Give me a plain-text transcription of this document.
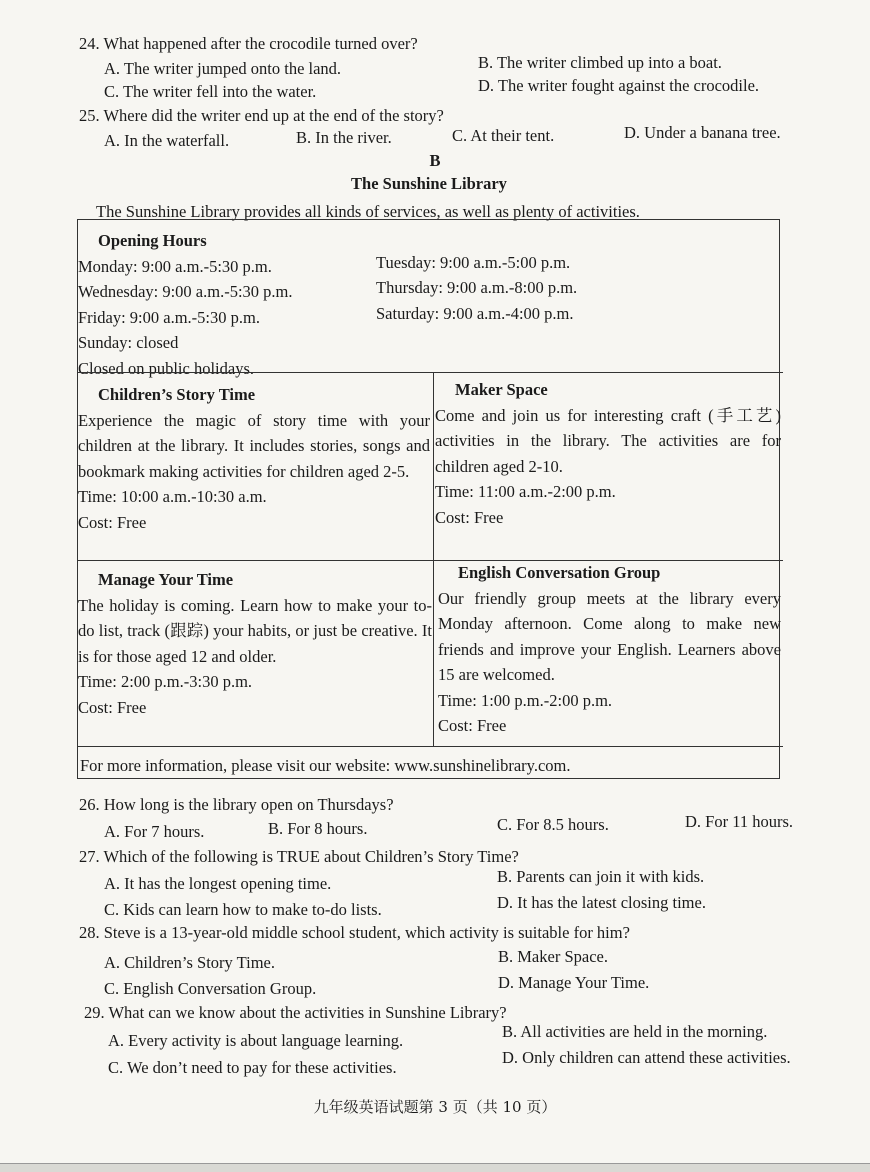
24. What happened after the crocodile turned over?
A. The writer jumped onto the land.	B. The writer climbed up into a boat.
C. The writer fell into the water.	D. The writer fought against the crocodile.
25. Where did the writer end up at the end of the story?
A. In the waterfall.	B. In the river.	C. At their tent.	D. Under a banana tree.
B
The Sunshine Library
The Sunshine Library provides all kinds of services, as well as plenty of activities.
Opening Hours
Monday: 9:00 a.m.-5:30 p.m.	Tuesday: 9:00 a.m.-5:00 p.m.
Wednesday: 9:00 a.m.-5:30 p.m.	Thursday: 9:00 a.m.-8:00 p.m.
Friday: 9:00 a.m.-5:30 p.m.	Saturday: 9:00 a.m.-4:00 p.m.
Sunday: closed
Closed on public holidays.
Children’s Story Time
Experience the magic of story time with your children at the library. It includes stories, songs and bookmark making activities for children aged 2-5.
Time: 10:00 a.m.-10:30 a.m.
Cost: Free
Maker Space
Come and join us for interesting craft (手工艺) activities in the library. The activities are for children aged 2-10.
Time: 11:00 a.m.-2:00 p.m.
Cost: Free
Manage Your Time
The holiday is coming. Learn how to make your to-do list, track (跟踪) your habits, or just be creative. It is for those aged 12 and older.
Time: 2:00 p.m.-3:30 p.m.
Cost: Free
English Conversation Group
Our friendly group meets at the library every Monday afternoon. Come along to make new friends and improve your English. Learners above 15 are welcomed.
Time: 1:00 p.m.-2:00 p.m.
Cost: Free
For more information, please visit our website: www.sunshinelibrary.com.
26. How long is the library open on Thursdays?
A. For 7 hours.	B. For 8 hours.	C. For 8.5 hours.	D. For 11 hours.
27. Which of the following is TRUE about Children’s Story Time?
A. It has the longest opening time.	B. Parents can join it with kids.
C. Kids can learn how to make to-do lists.	D. It has the latest closing time.
28. Steve is a 13-year-old middle school student, which activity is suitable for him?
A. Children’s Story Time.	B. Maker Space.
C. English Conversation Group.	D. Manage Your Time.
29. What can we know about the activities in Sunshine Library?
A. Every activity is about language learning.	B. All activities are held in the morning.
C. We don’t need to pay for these activities.
D. Only children can attend these activities.
九年级英语试题第 3 页（共 10 页）
